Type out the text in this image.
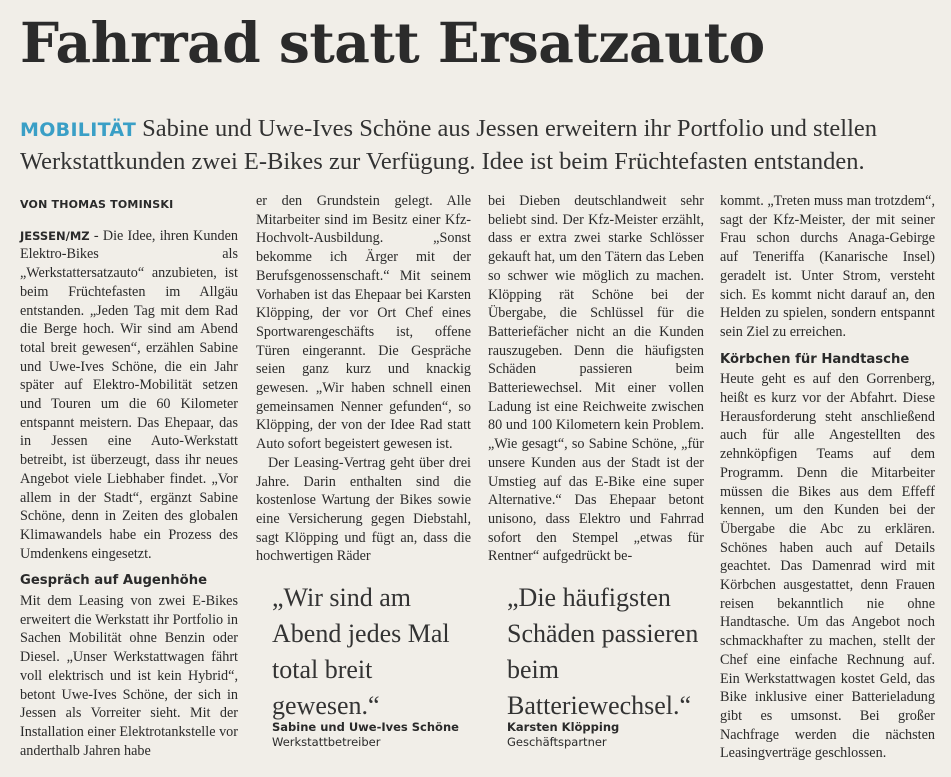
Fahrrad statt Ersatzauto
MOBILITÄT Sabine und Uwe-Ives Schöne aus Jessen erweitern ihr Portfolio und stellen Werkstattkunden zwei E-Bikes zur Verfügung. Idee ist beim Früchtefasten entstanden.
VON THOMAS TOMINSKI

JESSEN/MZ - Die Idee, ihren Kunden Elektro-Bikes als „Werkstattersatzauto“ anzubieten, ist beim Früchtefasten im Allgäu entstanden. „Jeden Tag mit dem Rad die Berge hoch. Wir sind am Abend total breit gewesen“, erzählen Sabine und Uwe-Ives Schöne, die ein Jahr später auf Elektro-Mobilität setzen und Touren um die 60 Kilometer entspannt meistern. Das Ehepaar, das in Jessen eine Auto-Werkstatt betreibt, ist überzeugt, dass ihr neues Angebot viele Liebhaber findet. „Vor allem in der Stadt“, ergänzt Sabine Schöne, denn in Zeiten des globalen Klimawandels habe ein Prozess des Umdenkens eingesetzt.

Gespräch auf Augenhöhe

Mit dem Leasing von zwei E-Bikes erweitert die Werkstatt ihr Portfolio in Sachen Mobilität ohne Benzin oder Diesel. „Unser Werkstattwagen fährt voll elektrisch und ist kein Hybrid“, betont Uwe-Ives Schöne, der sich in Jessen als Vorreiter sieht. Mit der Installation einer Elektrotankstelle vor anderthalb Jahren habe

er den Grundstein gelegt. Alle Mitarbeiter sind im Besitz einer Kfz-Hochvolt-Ausbildung. „Sonst bekomme ich Ärger mit der Berufsgenossenschaft.“ Mit seinem Vorhaben ist das Ehepaar bei Karsten Klöpping, der vor Ort Chef eines Sportwarengeschäfts ist, offene Türen eingerannt. Die Gespräche seien ganz kurz und knackig gewesen. „Wir haben schnell einen gemeinsamen Nenner gefunden“, so Klöpping, der von der Idee Rad statt Auto sofort begeistert gewesen ist.

Der Leasing-Vertrag geht über drei Jahre. Darin enthalten sind die kostenlose Wartung der Bikes sowie eine Versicherung gegen Diebstahl, sagt Klöpping und fügt an, dass die hochwertigen Räder

bei Dieben deutschlandweit sehr beliebt sind. Der Kfz-Meister erzählt, dass er extra zwei starke Schlösser gekauft hat, um den Tätern das Leben so schwer wie möglich zu machen. Klöpping rät Schöne bei der Übergabe, die Schlüssel für die Batteriefächer nicht an die Kunden rauszugeben. Denn die häufigsten Schäden passieren beim Batteriewechsel. Mit einer vollen Ladung ist eine Reichweite zwischen 80 und 100 Kilometern kein Problem. „Wie gesagt“, so Sabine Schöne, „für unsere Kunden aus der Stadt ist der Umstieg auf das E-Bike eine super Alternative.“ Das Ehepaar betont unisono, dass Elektro und Fahrrad sofort den Stempel „etwas für Rentner“ aufgedrückt be-

kommt. „Treten muss man trotzdem“, sagt der Kfz-Meister, der mit seiner Frau schon durchs Anaga-Gebirge auf Teneriffa (Kanarische Insel) geradelt ist. Unter Strom, versteht sich. Es kommt nicht darauf an, den Helden zu spielen, sondern entspannt sein Ziel zu erreichen.

Körbchen für Handtasche

Heute geht es auf den Gorrenberg, heißt es kurz vor der Abfahrt. Diese Herausforderung steht anschließend auch für alle Angestellten des zehnköpfigen Teams auf dem Programm. Denn die Mitarbeiter müssen die Bikes aus dem Effeff kennen, um den Kunden bei der Übergabe die Abc zu erklären. Schönes haben auch auf Details geachtet. Das Damenrad wird mit Körbchen ausgestattet, denn Frauen reisen bekanntlich nie ohne Handtasche. Um das Angebot noch schmackhafter zu machen, stellt der Chef eine einfache Rechnung auf. Ein Werkstattwagen kostet Geld, das Bike inklusive einer Batterieladung gibt es umsonst. Bei großer Nachfrage werden die nächsten Leasingverträge geschlossen.

„Wir sind am Abend jedes Mal total breit gewesen.“
Sabine und Uwe-Ives Schöne
Werkstattbetreiber
„Die häufigsten Schäden passieren beim Batteriewechsel.“
Karsten Klöpping
Geschäftspartner
